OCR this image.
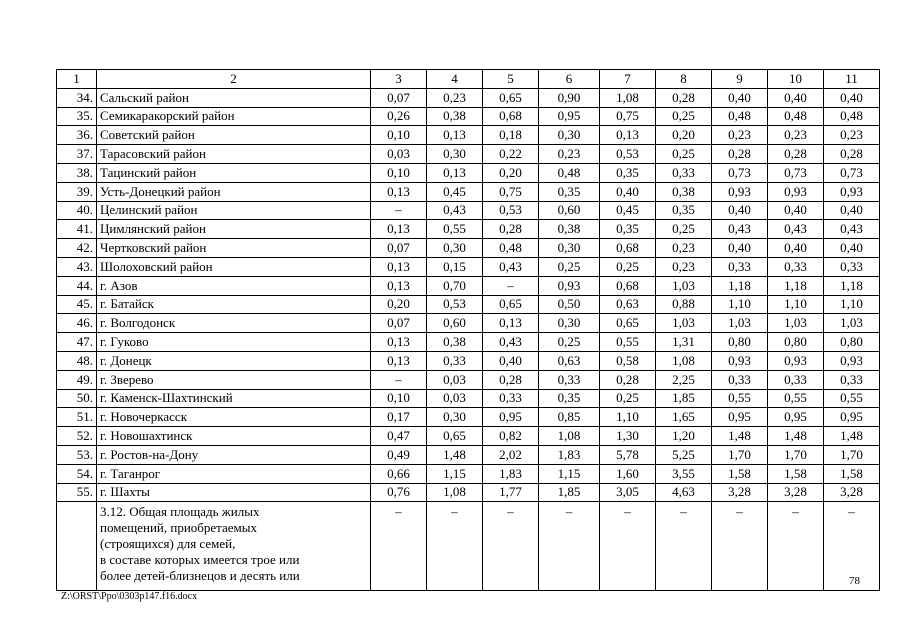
1	2	3	4	5	6	7	8	9	10	11
34.	Сальский район	0,07	0,23	0,65	0,90	1,08	0,28	0,40	0,40	0,40
35.	Семикаракорский район	0,26	0,38	0,68	0,95	0,75	0,25	0,48	0,48	0,48
36.	Советский район	0,10	0,13	0,18	0,30	0,13	0,20	0,23	0,23	0,23
37.	Тарасовский район	0,03	0,30	0,22	0,23	0,53	0,25	0,28	0,28	0,28
38.	Тацинский район	0,10	0,13	0,20	0,48	0,35	0,33	0,73	0,73	0,73
39.	Усть-Донецкий район	0,13	0,45	0,75	0,35	0,40	0,38	0,93	0,93	0,93
40.	Целинский район	–	0,43	0,53	0,60	0,45	0,35	0,40	0,40	0,40
41.	Цимлянский район	0,13	0,55	0,28	0,38	0,35	0,25	0,43	0,43	0,43
42.	Чертковский район	0,07	0,30	0,48	0,30	0,68	0,23	0,40	0,40	0,40
43.	Шолоховский район	0,13	0,15	0,43	0,25	0,25	0,23	0,33	0,33	0,33
44.	г. Азов	0,13	0,70	–	0,93	0,68	1,03	1,18	1,18	1,18
45.	г. Батайск	0,20	0,53	0,65	0,50	0,63	0,88	1,10	1,10	1,10
46.	г. Волгодонск	0,07	0,60	0,13	0,30	0,65	1,03	1,03	1,03	1,03
47.	г. Гуково	0,13	0,38	0,43	0,25	0,55	1,31	0,80	0,80	0,80
48.	г. Донецк	0,13	0,33	0,40	0,63	0,58	1,08	0,93	0,93	0,93
49.	г. Зверево	–	0,03	0,28	0,33	0,28	2,25	0,33	0,33	0,33
50.	г. Каменск-Шахтинский	0,10	0,03	0,33	0,35	0,25	1,85	0,55	0,55	0,55
51.	г. Новочеркасск	0,17	0,30	0,95	0,85	1,10	1,65	0,95	0,95	0,95
52.	г. Новошахтинск	0,47	0,65	0,82	1,08	1,30	1,20	1,48	1,48	1,48
53.	г. Ростов-на-Дону	0,49	1,48	2,02	1,83	5,78	5,25	1,70	1,70	1,70
54.	г. Таганрог	0,66	1,15	1,83	1,15	1,60	3,55	1,58	1,58	1,58
55.	г. Шахты	0,76	1,08	1,77	1,85	3,05	4,63	3,28	3,28	3,28

	3.12. Общая площадь жилых
помещений, приобретаемых
(строящихся) для семей,
в составе которых имеется трое или
более детей-близнецов и десять или	–	–	–	–	–	–	–	–	–
78
Z:\ORST\Ppo\0303p147.f16.docx
